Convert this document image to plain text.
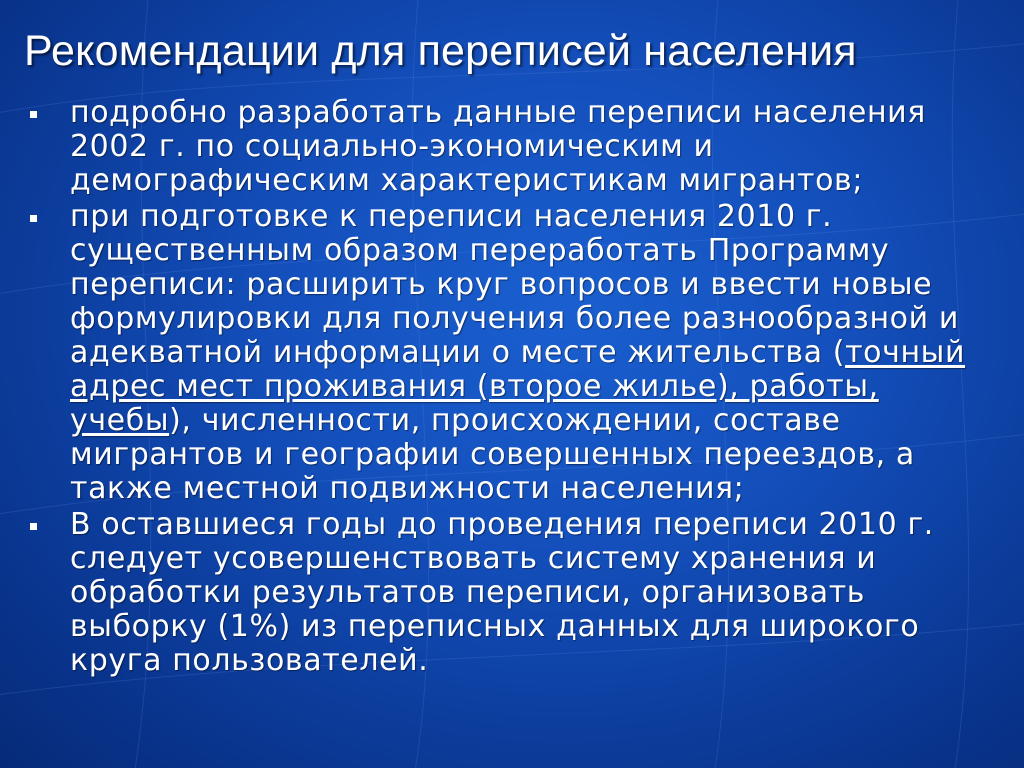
Рекомендации для переписей населения
подробно разработать данные переписи населения 2002 г. по социально-экономическим и демографическим характеристикам мигрантов;
при подготовке к переписи населения 2010 г. существенным образом переработать Программу переписи: расширить круг вопросов и ввести новые формулировки для получения более разнообразной и адекватной информации о месте жительства (точный адрес мест проживания (второе жилье), работы, учебы), численности, происхождении, составе мигрантов и географии совершенных переездов, а также местной подвижности населения;
В оставшиеся годы до проведения переписи 2010 г. следует усовершенствовать систему хранения и обработки результатов переписи, организовать выборку (1%) из переписных данных для широкого круга пользователей.
